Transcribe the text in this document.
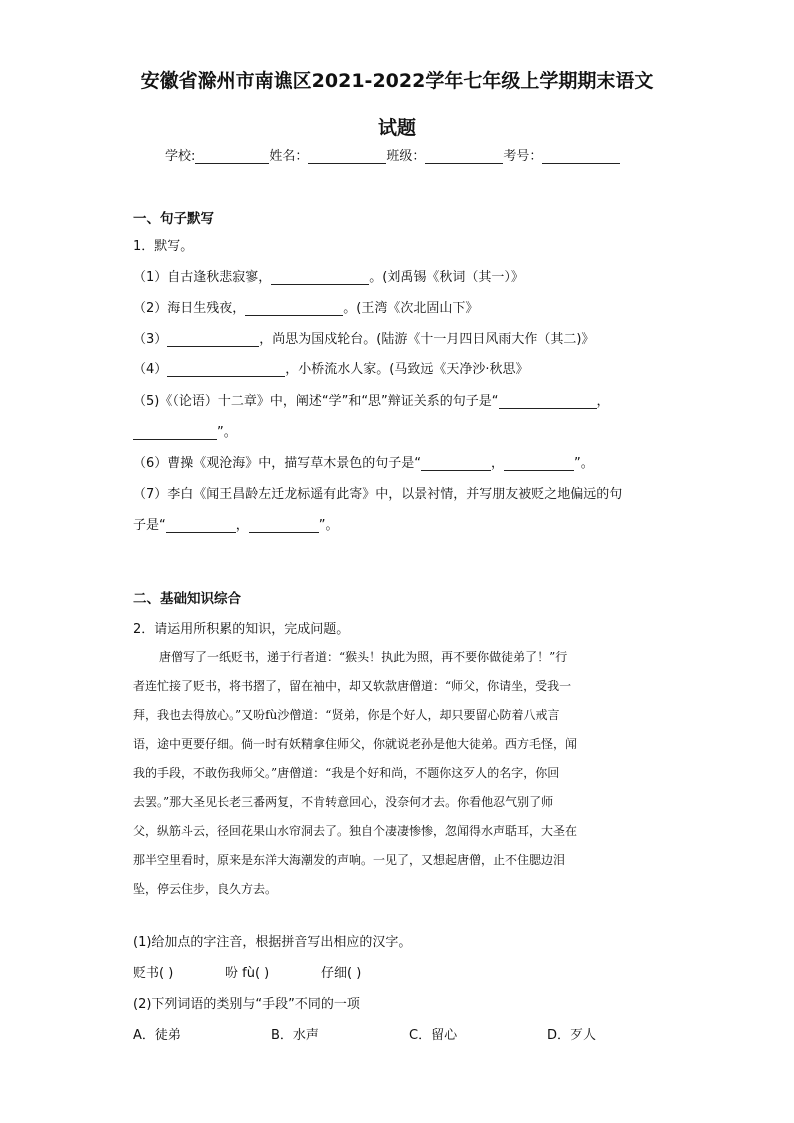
安徽省滁州市南谯区2021-2022学年七年级上学期期末语文
试题
学校:	姓名：	班级：	考号：
一、句子默写
1．默写。
（1）自古逢秋悲寂寥，	。(刘禹锡《秋词（其一）》
（2）海日生残夜，	。(王湾《次北固山下》
（3）	，尚思为国戍轮台。(陆游《十一月四日风雨大作（其二)》
（4）	，小桥流水人家。(马致远《天净沙·秋思》
（5)《（论语）十二章》中，阐述“学”和“思”辩证关系的句子是“	，
”。
（6）曹操《观沧海》中，描写草木景色的句子是“	，	”。
（7）李白《闻王昌龄左迁龙标遥有此寄》中，以景衬情，并写朋友被贬之地偏远的句
子是“	，	”。
二、基础知识综合
2．请运用所积累的知识，完成问题。
唐僧写了一纸贬书，递于行者道：“猴头！执此为照，再不要你做徒弟了！”行
者连忙接了贬书，将书摺了，留在袖中，却又软款唐僧道：“师父，你请坐，受我一
拜，我也去得放心。”又吩fù沙僧道：“贤弟，你是个好人，却只要留心防着八戒言
语，途中更要仔细。倘一时有妖精拿住师父，你就说老孙是他大徒弟。西方毛怪，闻
我的手段，不敢伤我师父。”唐僧道：“我是个好和尚，不题你这歹人的名字，你回
去罢。”那大圣见长老三番两复，不肯转意回心，没奈何才去。你看他忍气别了师
父，纵筋斗云，径回花果山水帘洞去了。独自个凄凄惨惨，忽闻得水声聒耳，大圣在
那半空里看时，原来是东洋大海潮发的声响。一见了，又想起唐僧，止不住腮边泪
坠，停云住步，良久方去。
(1)给加点的字注音，根据拼音写出相应的汉字。
贬书( )	吩 fù( )	仔细( )
(2)下列词语的类别与“手段”不同的一项
A．徒弟	B．水声	C．留心	D．歹人
